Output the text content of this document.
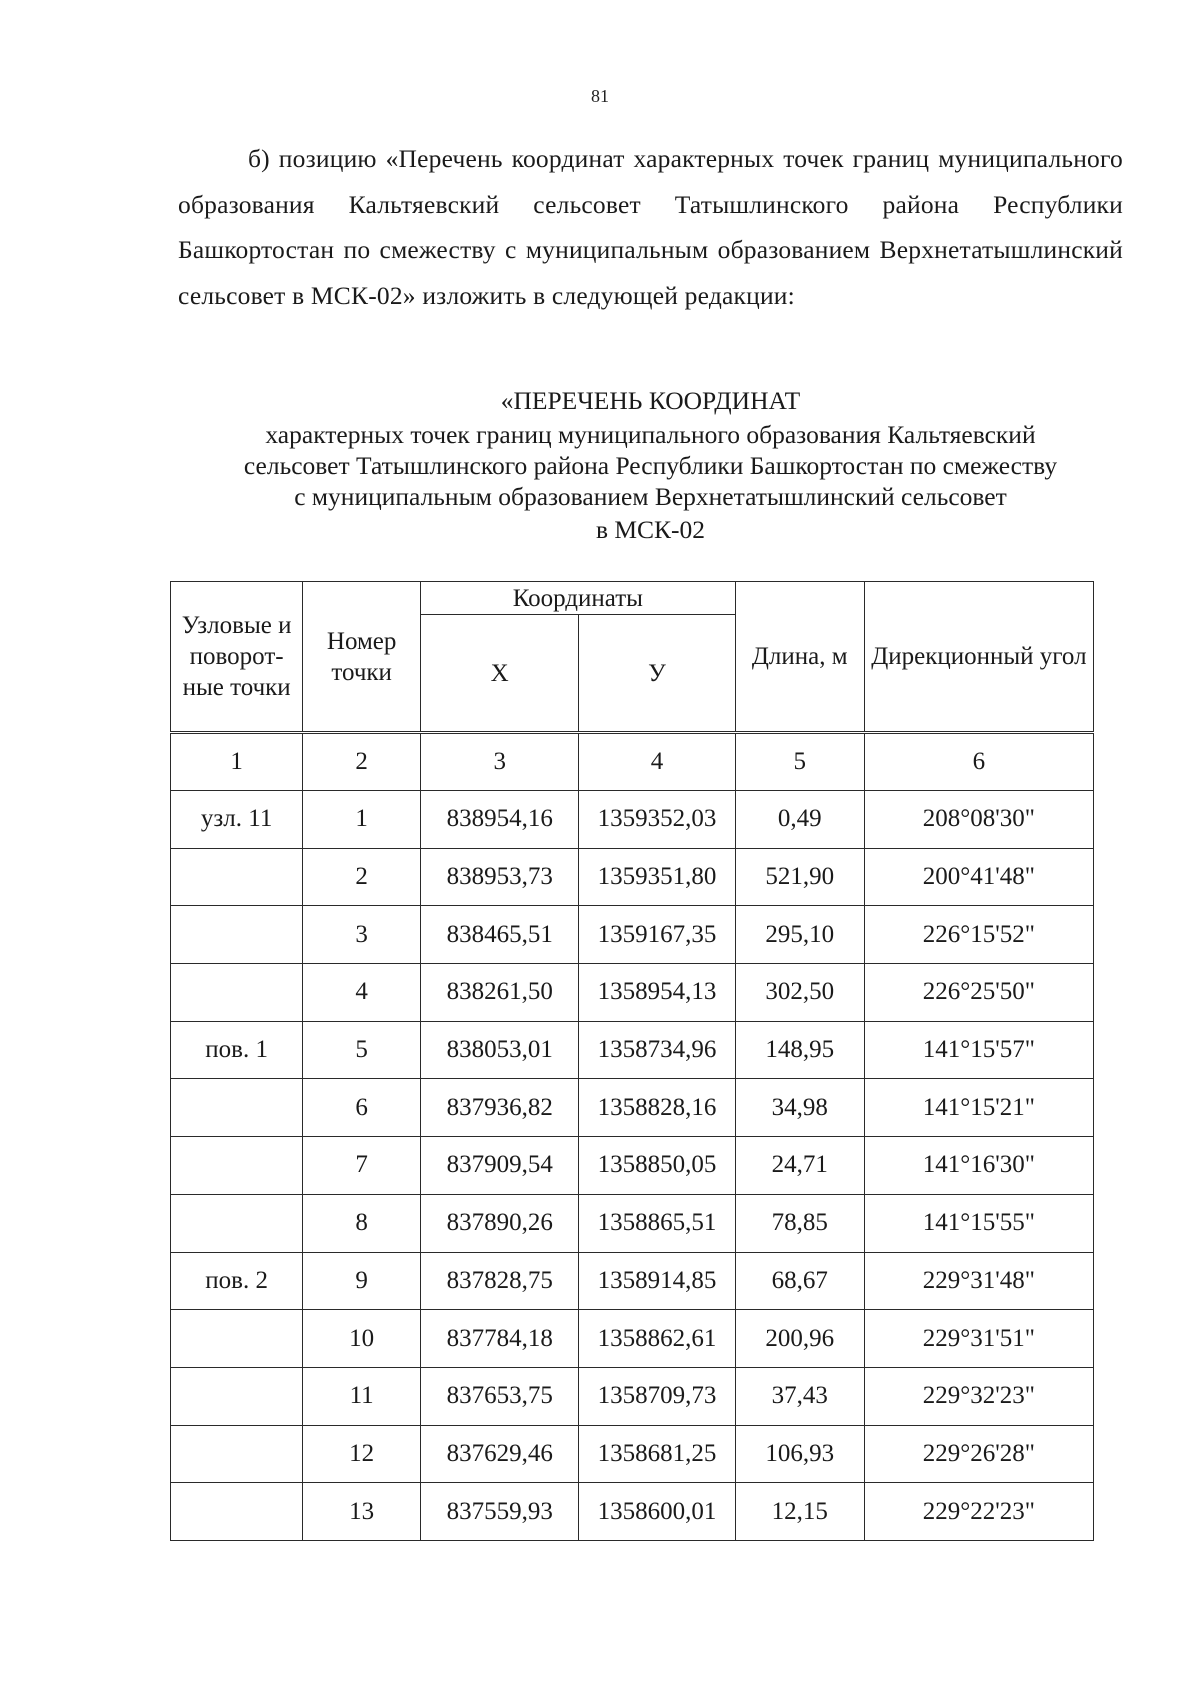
81
б) позицию «Перечень координат характерных точек границ муниципального образования Кальтяевский сельсовет Татышлинского района Республики Башкортостан по смежеству с муниципальным образованием Верхнетатышлинский сельсовет в МСК-02» изложить в следующей редакции:
«ПЕРЕЧЕНЬ КООРДИНАТ
характерных точек границ муниципального образования Кальтяевский
сельсовет Татышлинского района Республики Башкортостан по смежеству
с муниципальным образованием Верхнетатышлинский сельсовет
в МСК-02
Узловые и поворот-ные точки	Номер точки	Координаты		Длина, м	Дирекционный угол
		Х	У		
1	2	3	4	5	6
узл. 11	1	838954,16	1359352,03	0,49	208°08'30"
	2	838953,73	1359351,80	521,90	200°41'48"
	3	838465,51	1359167,35	295,10	226°15'52"
	4	838261,50	1358954,13	302,50	226°25'50"
пов. 1	5	838053,01	1358734,96	148,95	141°15'57"
	6	837936,82	1358828,16	34,98	141°15'21"
	7	837909,54	1358850,05	24,71	141°16'30"
	8	837890,26	1358865,51	78,85	141°15'55"
пов. 2	9	837828,75	1358914,85	68,67	229°31'48"
	10	837784,18	1358862,61	200,96	229°31'51"
	11	837653,75	1358709,73	37,43	229°32'23"
	12	837629,46	1358681,25	106,93	229°26'28"
	13	837559,93	1358600,01	12,15	229°22'23"
